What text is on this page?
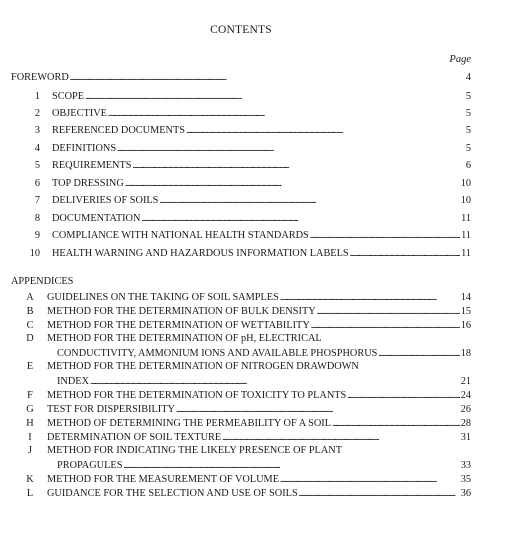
CONTENTS
Page
FOREWORD . . .	4
1 SCOPE . . .	5
2 OBJECTIVE . . .	5
3 REFERENCED DOCUMENTS . . .	5
4 DEFINITIONS . . .	5
5 REQUIREMENTS . . .	6
6 TOP DRESSING . . .	10
7 DELIVERIES OF SOILS . . .	10
8 DOCUMENTATION . . .	11
9 COMPLIANCE WITH NATIONAL HEALTH STANDARDS . . .	11
10 HEALTH WARNING AND HAZARDOUS INFORMATION LABELS . . .	11
APPENDICES
A	GUIDELINES ON THE TAKING OF SOIL SAMPLES . . .	14
B	METHOD FOR THE DETERMINATION OF BULK DENSITY . . .	15
C	METHOD FOR THE DETERMINATION OF WETTABILITY . . .	16
D METHOD FOR THE DETERMINATION OF pH, ELECTRICAL
CONDUCTIVITY, AMMONIUM IONS AND AVAILABLE PHOSPHORUS . . .	18
E METHOD FOR THE DETERMINATION OF NITROGEN DRAWDOWN
INDEX . . .	21
F	METHOD FOR THE DETERMINATION OF TOXICITY TO PLANTS . . .	24
G	TEST FOR DISPERSIBILITY . . .	26
H	METHOD OF DETERMINING THE PERMEABILITY OF A SOIL . . .	28
I	DETERMINATION OF SOIL TEXTURE . . .	31
J METHOD FOR INDICATING THE LIKELY PRESENCE OF PLANT
PROPAGULES . . .	33
K	METHOD FOR THE MEASUREMENT OF VOLUME . . .	35
L	GUIDANCE FOR THE SELECTION AND USE OF SOILS . . .	36
